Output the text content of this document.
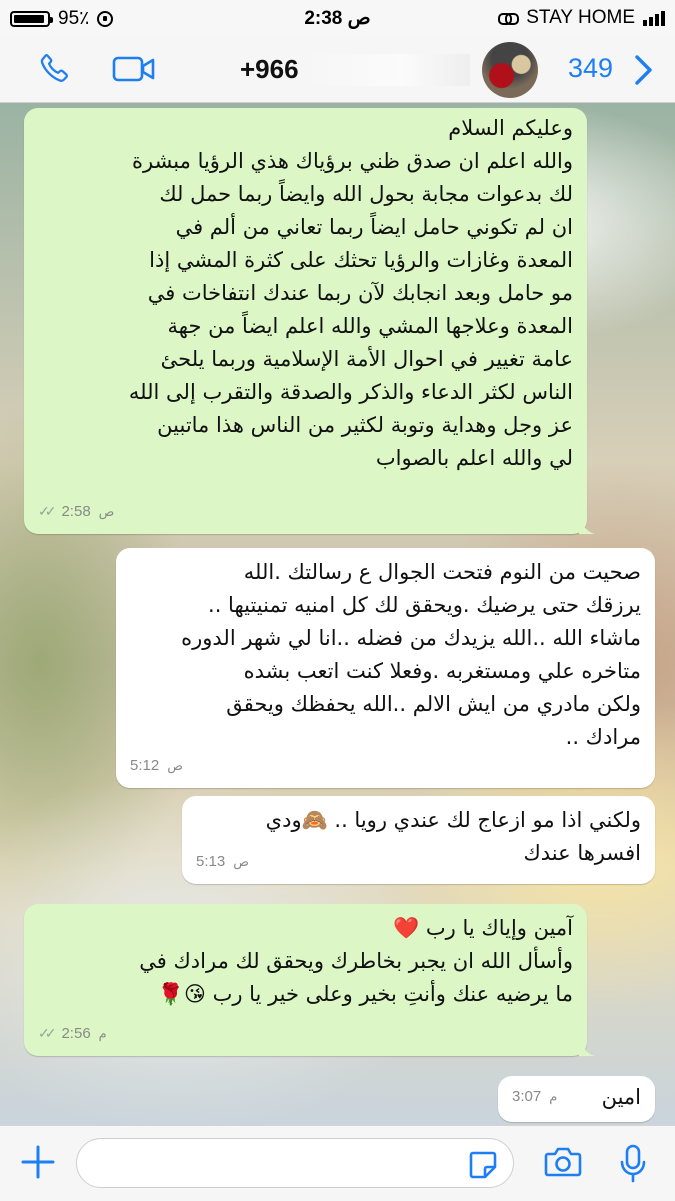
95٪	2:38 ص	STAY HOME
+966	349
وعليكم السلام
والله اعلم ان صدق ظني برؤياك هذي الرؤيا مبشرة
لك بدعوات مجابة بحول الله وايضاً ربما حمل لك
ان لم تكوني حامل ايضاً ربما تعاني من ألم في
المعدة وغازات والرؤيا تحثك على كثرة المشي إذا
مو حامل وبعد انجابك لآن ربما عندك انتفاخات في
المعدة وعلاجها المشي والله اعلم ايضاً من جهة
عامة تغيير في احوال الأمة الإسلامية وربما يلحئ
الناس لكثر الدعاء والذكر والصدقة والتقرب إلى الله
عز وجل وهداية وتوبة لكثير من الناس هذا ماتبين
لي والله اعلم بالصواب
✓✓ 2:58 ص
صحيت من النوم فتحت الجوال ع رسالتك .الله
يرزقك حتى يرضيك .ويحقق لك كل امنيه تمنيتيها ..
ماشاء الله ..الله يزيدك من فضله ..انا لي شهر الدوره
متاخره علي ومستغربه .وفعلا كنت اتعب بشده
ولكن مادري من ايش الالم ..الله يحفظك ويحقق
مرادك ..
5:12 ص
ولكني اذا مو ازعاج لك عندي رويا .. 🙈ودي
افسرها عندك
5:13 ص
آمين وإياك يا رب ❤️
وأسأل الله ان يجبر بخاطرك ويحقق لك مرادك في
ما يرضيه عنك وأنتِ بخير وعلى خير يا رب 😘🌹
✓✓ 2:56 م
امين
3:07 م
